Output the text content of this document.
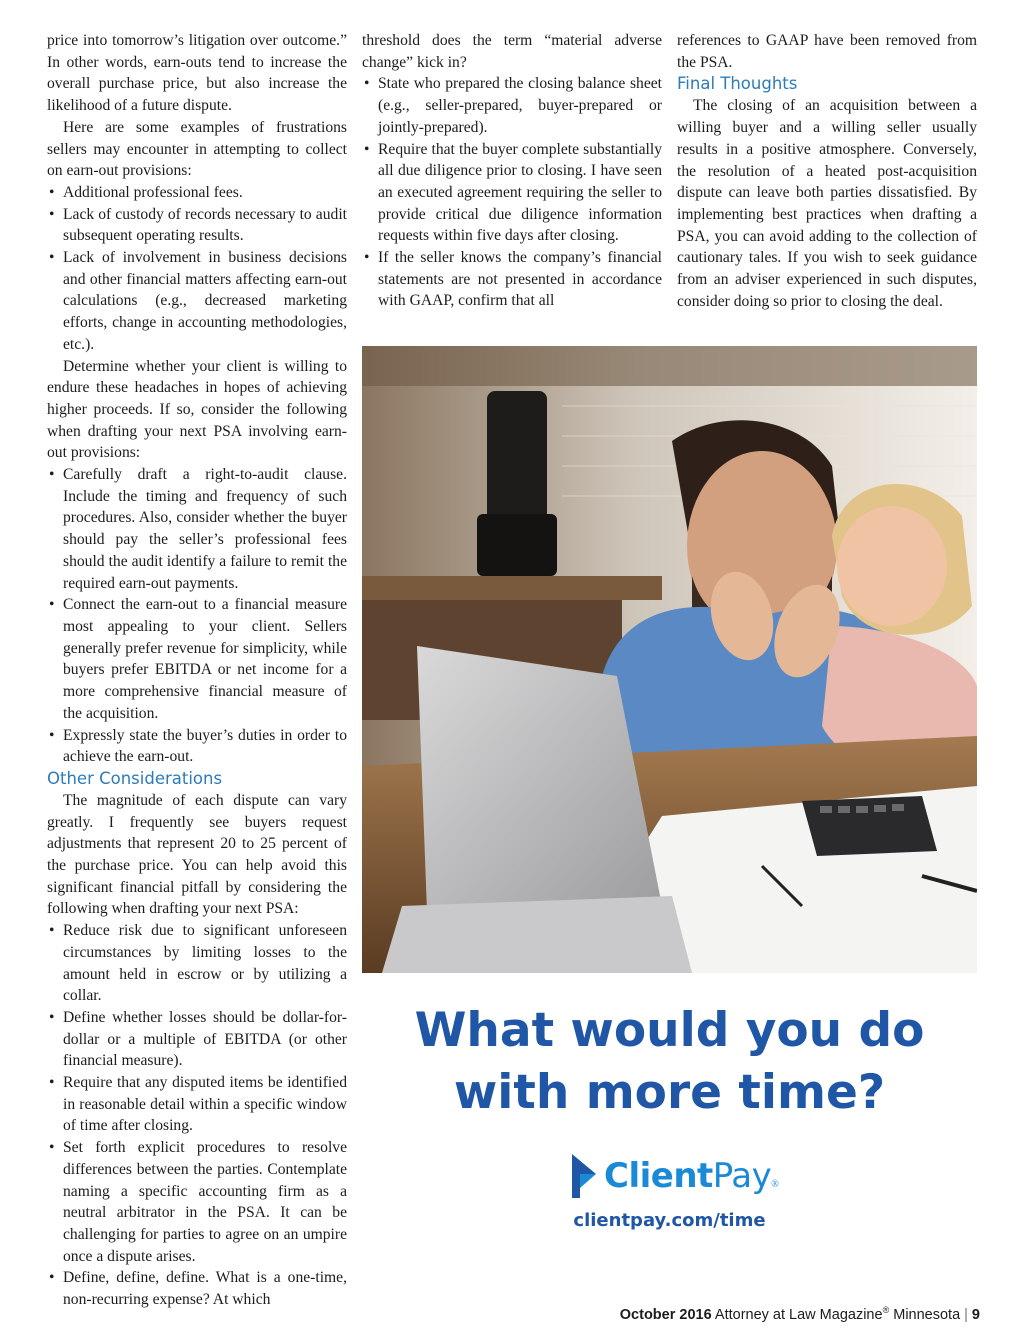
price into tomorrow’s litigation over outcome.” In other words, earn-outs tend to increase the overall purchase price, but also increase the likelihood of a future dispute.

Here are some examples of frustrations sellers may encounter in attempting to collect on earn-out provisions:

• Additional professional fees.
• Lack of custody of records necessary to audit subsequent operating results.
• Lack of involvement in business decisions and other financial matters affecting earn-out calculations (e.g., decreased marketing efforts, change in accounting methodologies, etc.).

Determine whether your client is willing to endure these headaches in hopes of achieving higher proceeds. If so, consider the following when drafting your next PSA involving earn-out provisions:

• Carefully draft a right-to-audit clause. Include the timing and frequency of such procedures. Also, consider whether the buyer should pay the seller’s professional fees should the audit identify a failure to remit the required earn-out payments.
• Connect the earn-out to a financial measure most appealing to your client. Sellers generally prefer revenue for simplicity, while buyers prefer EBITDA or net income for a more comprehensive financial measure of the acquisition.
• Expressly state the buyer’s duties in order to achieve the earn-out.
Other Considerations

The magnitude of each dispute can vary greatly. I frequently see buyers request adjustments that represent 20 to 25 percent of the purchase price. You can help avoid this significant financial pitfall by considering the following when drafting your next PSA:

• Reduce risk due to significant unforeseen circumstances by limiting losses to the amount held in escrow or by utilizing a collar.
• Define whether losses should be dollar-for-dollar or a multiple of EBITDA (or other financial measure).
• Require that any disputed items be identified in reasonable detail within a specific window of time after closing.
• Set forth explicit procedures to resolve differences between the parties. Contemplate naming a specific accounting firm as a neutral arbitrator in the PSA. It can be challenging for parties to agree on an umpire once a dispute arises.
• Define, define, define. What is a one-time, non-recurring expense? At which

threshold does the term “material adverse change” kick in?

• State who prepared the closing balance sheet (e.g., seller-prepared, buyer-prepared or jointly-prepared).
• Require that the buyer complete substantially all due diligence prior to closing. I have seen an executed agreement requiring the seller to provide critical due diligence information requests within five days after closing.
• If the seller knows the company’s financial statements are not presented in accordance with GAAP, confirm that all

references to GAAP have been removed from the PSA.

Final Thoughts

The closing of an acquisition between a willing buyer and a willing seller usually results in a positive atmosphere. Conversely, the resolution of a heated post-acquisition dispute can leave both parties dissatisfied. By implementing best practices when drafting a PSA, you can avoid adding to the collection of cautionary tales. If you wish to seek guidance from an adviser experienced in such disputes, consider doing so prior to closing the deal.

What would you do
with more time?
ClientPay ®
clientpay.com/time
October 2016 Attorney at Law Magazine® Minnesota | 9
